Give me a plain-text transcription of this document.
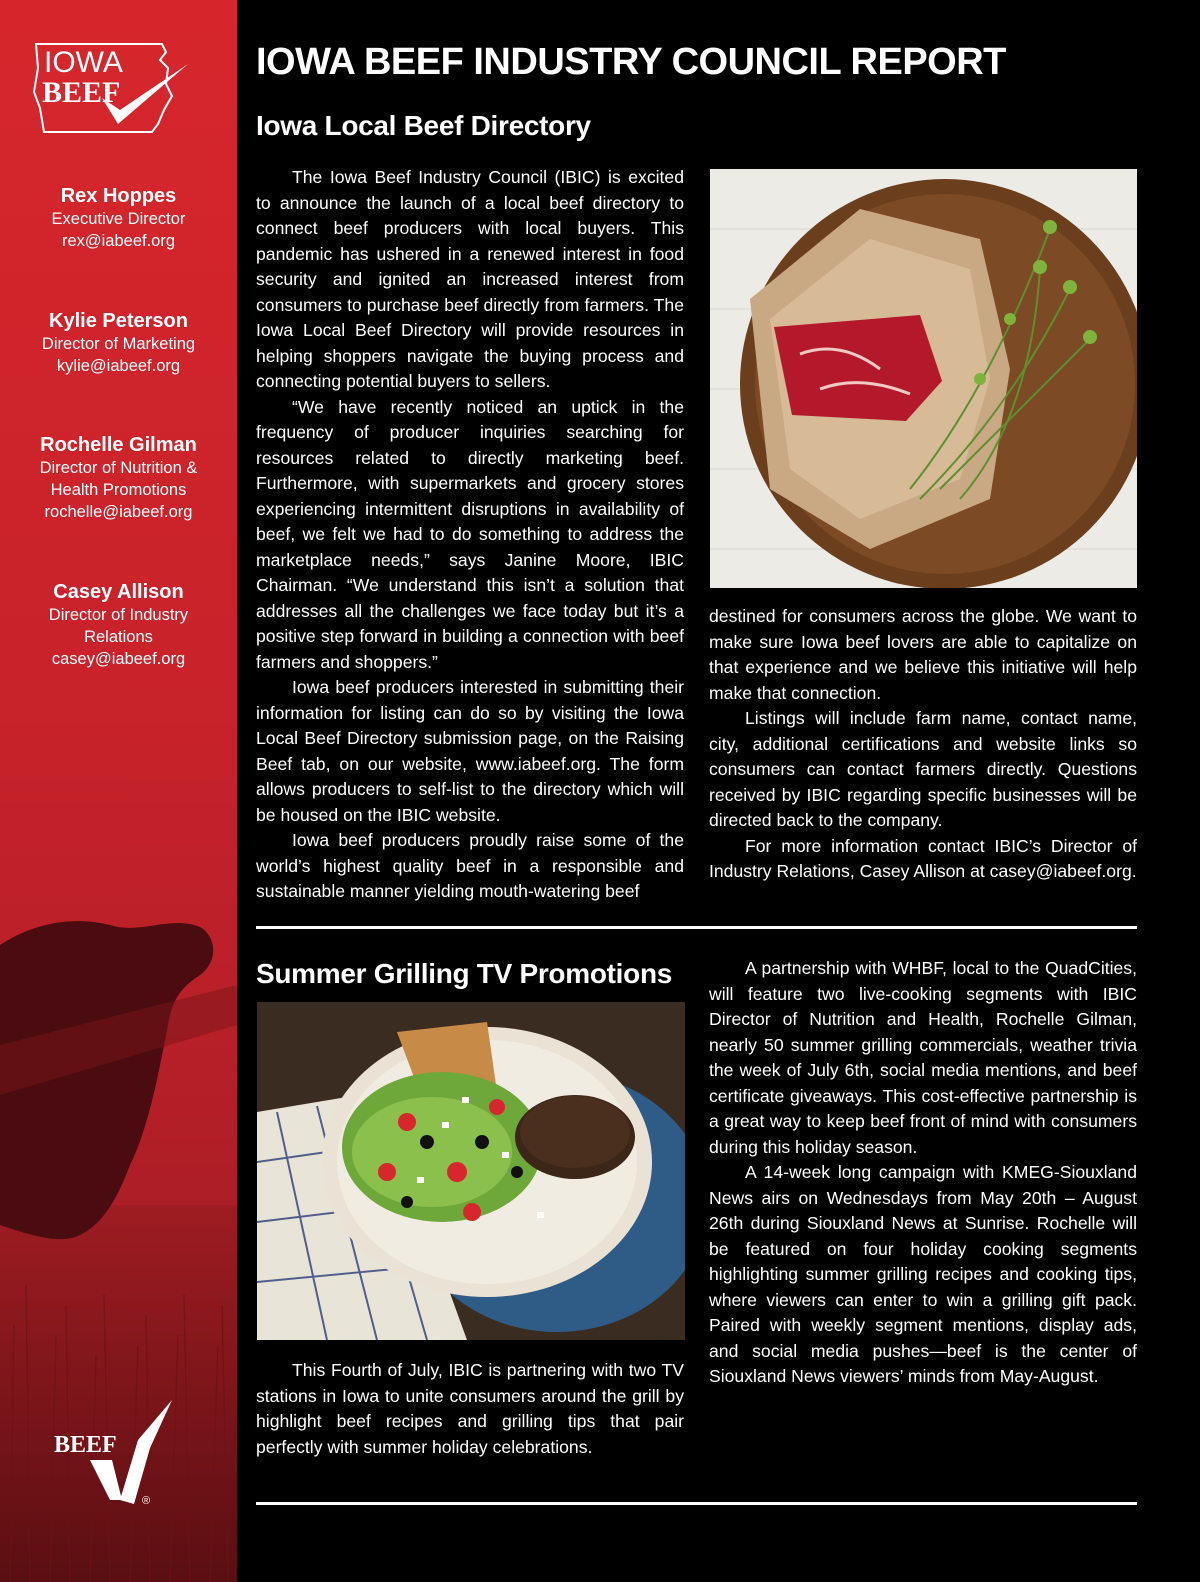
IOWA
BEEF
Rex Hoppes
Executive Director
rex@iabeef.org
Kylie Peterson
Director of Marketing
kylie@iabeef.org
Rochelle Gilman
Director of Nutrition &
Health Promotions
rochelle@iabeef.org
Casey Allison
Director of Industry
Relations
casey@iabeef.org
BEEF
®
IOWA BEEF INDUSTRY COUNCIL REPORT
Iowa Local Beef Directory

The Iowa Beef Industry Council (IBIC) is excited to announce the launch of a local beef directory to connect beef producers with local buyers. This pandemic has ushered in a renewed interest in food security and ignited an increased interest from consumers to purchase beef directly from farmers. The Iowa Local Beef Directory will provide resources in helping shoppers navigate the buying process and connecting potential buyers to sellers.

“We have recently noticed an uptick in the frequency of producer inquiries searching for resources related to directly marketing beef. Furthermore, with supermarkets and grocery stores experiencing intermittent disruptions in availability of beef, we felt we had to do something to address the marketplace needs,” says Janine Moore, IBIC Chairman. “We understand this isn’t a solution that addresses all the challenges we face today but it’s a positive step forward in building a connection with beef farmers and shoppers.”

Iowa beef producers interested in submitting their information for listing can do so by visiting the Iowa Local Beef Directory submission page, on the Raising Beef tab, on our website, www.iabeef.org. The form allows producers to self-list to the directory which will be housed on the IBIC website.

Iowa beef producers proudly raise some of the world’s highest quality beef in a responsible and sustainable manner yielding mouth-watering beef

destined for consumers across the globe. We want to make sure Iowa beef lovers are able to capitalize on that experience and we believe this initiative will help make that connection.

Listings will include farm name, contact name, city, additional certifications and website links so consumers can contact farmers directly. Questions received by IBIC regarding specific businesses will be directed back to the company.

For more information contact IBIC’s Director of Industry Relations, Casey Allison at casey@iabeef.org.

Summer Grilling TV Promotions

This Fourth of July, IBIC is partnering with two TV stations in Iowa to unite consumers around the grill by highlight beef recipes and grilling tips that pair perfectly with summer holiday celebrations.

A partnership with WHBF, local to the QuadCities, will feature two live-cooking segments with IBIC Director of Nutrition and Health, Rochelle Gilman, nearly 50 summer grilling commercials, weather trivia the week of July 6th, social media mentions, and beef certificate giveaways. This cost-effective partnership is a great way to keep beef front of mind with consumers during this holiday season.

A 14-week long campaign with KMEG-Siouxland News airs on Wednesdays from May 20th – August 26th during Siouxland News at Sunrise. Rochelle will be featured on four holiday cooking segments highlighting summer grilling recipes and cooking tips, where viewers can enter to win a grilling gift pack. Paired with weekly segment mentions, display ads, and social media pushes—beef is the center of Siouxland News viewers’ minds from May-August.
